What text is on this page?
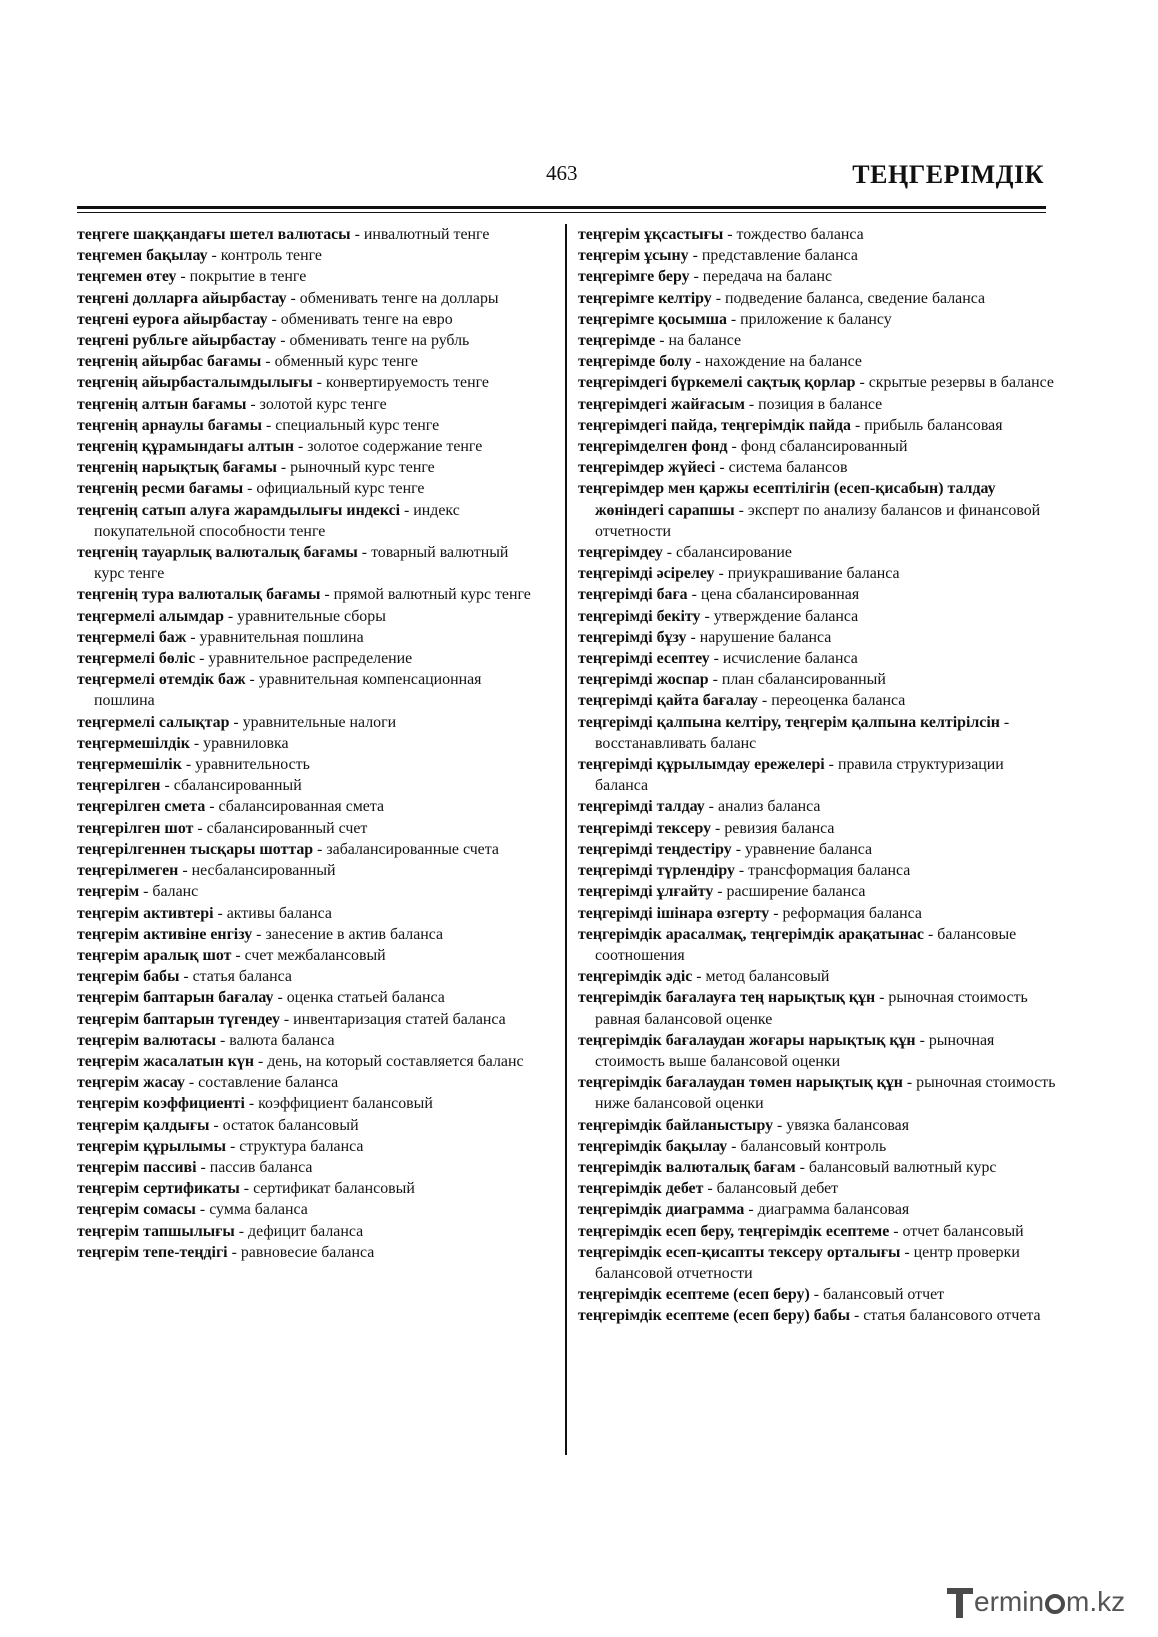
463	ТЕҢГЕРІМДІК
теңгеге шаққандағы шетел валютасы - инвалютный тенге
теңгемен бақылау - контроль тенге
теңгемен өтеу - покрытие в тенге
теңгені долларға айырбастау - обменивать тенге на доллары
теңгені еуроға айырбастау - обменивать тенге на евро
теңгені рубльге айырбастау - обменивать тенге на рубль
теңгенің айырбас бағамы - обменный курс тенге
теңгенің айырбасталымдылығы - конвертируемость тенге
теңгенің алтын бағамы - золотой курс тенге
теңгенің арнаулы бағамы - специальный курс тенге
теңгенің құрамындағы алтын - золотое содержание тенге
теңгенің нарықтық бағамы - рыночный курс тенге
теңгенің ресми бағамы - официальный курс тенге
теңгенің сатып алуға жарамдылығы индексі - индекс покупательной способности тенге
теңгенің тауарлық валюталық бағамы - товарный валютный курс тенге
теңгенің тура валюталық бағамы - прямой валютный курс тенге
теңгермелі алымдар - уравнительные сборы
теңгермелі баж - уравнительная пошлина
теңгермелі бөліс - уравнительное распределение
теңгермелі өтемдік баж - уравнительная компенсационная пошлина
теңгермелі салықтар - уравнительные налоги
теңгермешілдік - уравниловка
теңгермешілік - уравнительность
теңгерілген - сбалансированный
теңгерілген смета - сбалансированная смета
теңгерілген шот - сбалансированный счет
теңгерілгеннен тысқары шоттар - забалансированные счета
теңгерілмеген - несбалансированный
теңгерім - баланс
теңгерім активтері - активы баланса
теңгерім активіне енгізу - занесение в актив баланса
теңгерім аралық шот - счет межбалансовый
теңгерім бабы - статья баланса
теңгерім баптарын бағалау - оценка статьей баланса
теңгерім баптарын түгендеу - инвентаризация статей баланса
теңгерім валютасы - валюта баланса
теңгерім жасалатын күн - день, на который составляется баланс
теңгерім жасау - составление баланса
теңгерім коэффициенті - коэффициент балансовый
теңгерім қалдығы - остаток балансовый
теңгерім құрылымы - структура баланса
теңгерім пассиві - пассив баланса
теңгерім сертификаты - сертификат балансовый
теңгерім сомасы - сумма баланса
теңгерім тапшылығы - дефицит баланса
теңгерім тепе-теңдігі - равновесие баланса
теңгерім ұқсастығы - тождество баланса
теңгерім ұсыну - представление баланса
теңгерімге беру - передача на баланс
теңгерімге келтіру - подведение баланса, сведение баланса
теңгерімге қосымша - приложение к балансу
теңгерімде - на балансе
теңгерімде болу - нахождение на балансе
теңгерімдегі бүркемелі сақтық қорлар - скрытые резервы в балансе
теңгерімдегі жайғасым - позиция в балансе
теңгерімдегі пайда, теңгерімдік пайда - прибыль балансовая
теңгерімделген фонд - фонд сбалансированный
теңгерімдер жүйесі - система балансов
теңгерімдер мен қаржы есептілігін (есеп-қисабын) талдау жөніндегі сарапшы - эксперт по анализу балансов и финансовой отчетности
теңгерімдеу - сбалансирование
теңгерімді әсірелеу - приукрашивание баланса
теңгерімді баға - цена сбалансированная
теңгерімді бекіту - утверждение баланса
теңгерімді бұзу - нарушение баланса
теңгерімді есептеу - исчисление баланса
теңгерімді жоспар - план сбалансированный
теңгерімді қайта бағалау - переоценка баланса
теңгерімді қалпына келтіру, теңгерім қалпына келтірілсін - восстанавливать баланс
теңгерімді құрылымдау ережелері - правила структуризации баланса
теңгерімді талдау - анализ баланса
теңгерімді тексеру - ревизия баланса
теңгерімді теңдестіру - уравнение баланса
теңгерімді түрлендіру - трансформация баланса
теңгерімді ұлғайту - расширение баланса
теңгерімді ішінара өзгерту - реформация баланса
теңгерімдік арасалмақ, теңгерімдік арақатынас - балансовые соотношения
теңгерімдік әдіс - метод балансовый
теңгерімдік бағалауға тең нарықтық құн - рыночная стоимость равная балансовой оценке
теңгерімдік бағалаудан жоғары нарықтық құн - рыночная стоимость выше балансовой оценки
теңгерімдік бағалаудан төмен нарықтық құн - рыночная стоимость ниже балансовой оценки
теңгерімдік байланыстыру - увязка балансовая
теңгерімдік бақылау - балансовый контроль
теңгерімдік валюталық бағам - балансовый валютный курс
теңгерімдік дебет - балансовый дебет
теңгерімдік диаграмма - диаграмма балансовая
теңгерімдік есеп беру, теңгерімдік есептеме - отчет балансовый
теңгерімдік есеп-қисапты тексеру орталығы - центр проверки балансовой отчетности
теңгерімдік есептеме (есеп беру) - балансовый отчет
теңгерімдік есептеме (есеп беру) бабы - статья балансового отчета
ermin m.kz
